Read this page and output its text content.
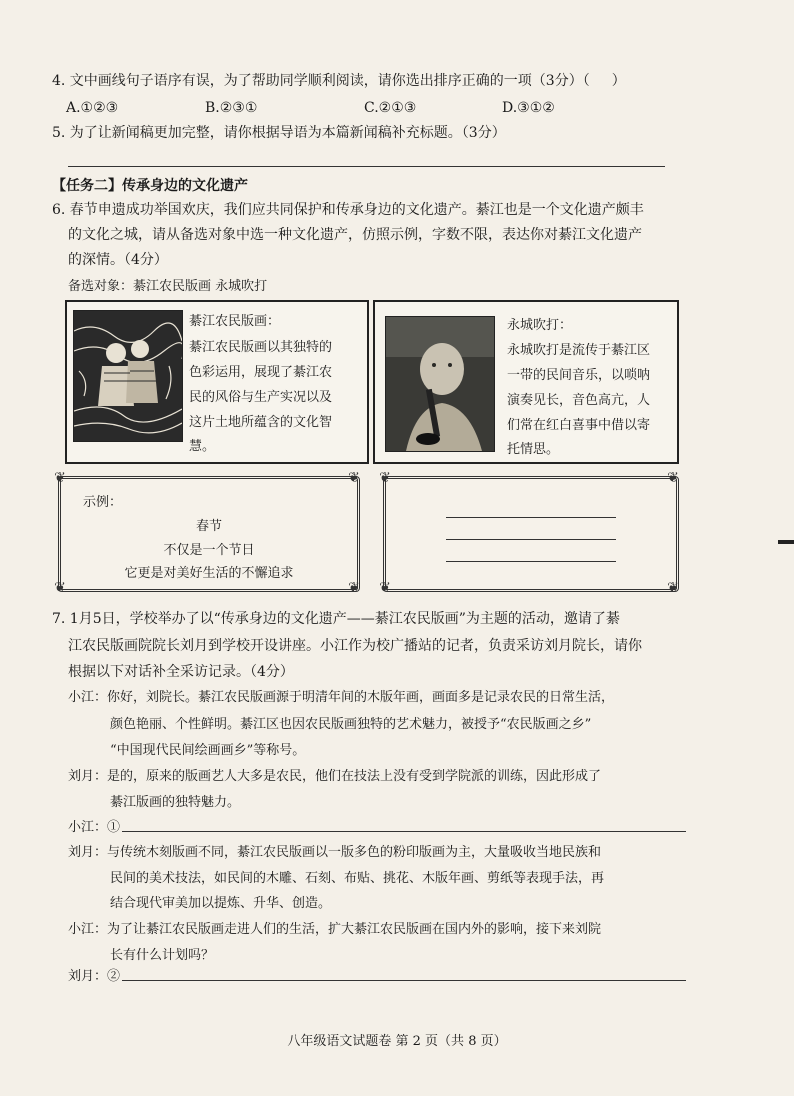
4. 文中画线句子语序有误，为了帮助同学顺利阅读，请你选出排序正确的一项（3分）（ ）
A.①②③	B.②③①	C.②①③	D.③①②
5. 为了让新闻稿更加完整，请你根据导语为本篇新闻稿补充标题。（3分）
【任务二】传承身边的文化遗产
6. 春节申遗成功举国欢庆，我们应共同保护和传承身边的文化遗产。綦江也是一个文化遗产颇丰
的文化之城，请从备选对象中选一种文化遗产，仿照示例，字数不限，表达你对綦江文化遗产
的深情。（4分）
备选对象：綦江农民版画 永城吹打
綦江农民版画：
綦江农民版画以其独特的
色彩运用，展现了綦江农
民的风俗与生产实况以及
这片土地所蕴含的文化智
慧。
永城吹打：
永城吹打是流传于綦江区
一带的民间音乐，以唢呐
演奏见长，音色高亢，人
们常在红白喜事中借以寄
托情思。
示例：
春节
不仅是一个节日
它更是对美好生活的不懈追求
❦	❦
❦	❦
❦	❦
❦	❦
7. 1月5日，学校举办了以“传承身边的文化遗产——綦江农民版画”为主题的活动，邀请了綦
江农民版画院院长刘月到学校开设讲座。小江作为校广播站的记者，负责采访刘月院长，请你
根据以下对话补全采访记录。（4分）
小江：你好，刘院长。綦江农民版画源于明清年间的木版年画，画面多是记录农民的日常生活，
颜色艳丽、个性鲜明。綦江区也因农民版画独特的艺术魅力，被授予“农民版画之乡”
“中国现代民间绘画画乡”等称号。
刘月：是的，原来的版画艺人大多是农民，他们在技法上没有受到学院派的训练，因此形成了
綦江版画的独特魅力。
小江：①
刘月：与传统木刻版画不同，綦江农民版画以一版多色的粉印版画为主，大量吸收当地民族和
民间的美术技法，如民间的木雕、石刻、布贴、挑花、木版年画、剪纸等表现手法，再
结合现代审美加以提炼、升华、创造。
小江：为了让綦江农民版画走进人们的生活，扩大綦江农民版画在国内外的影响，接下来刘院
长有什么计划吗？
刘月：②
八年级语文试题卷 第 2 页（共 8 页）
